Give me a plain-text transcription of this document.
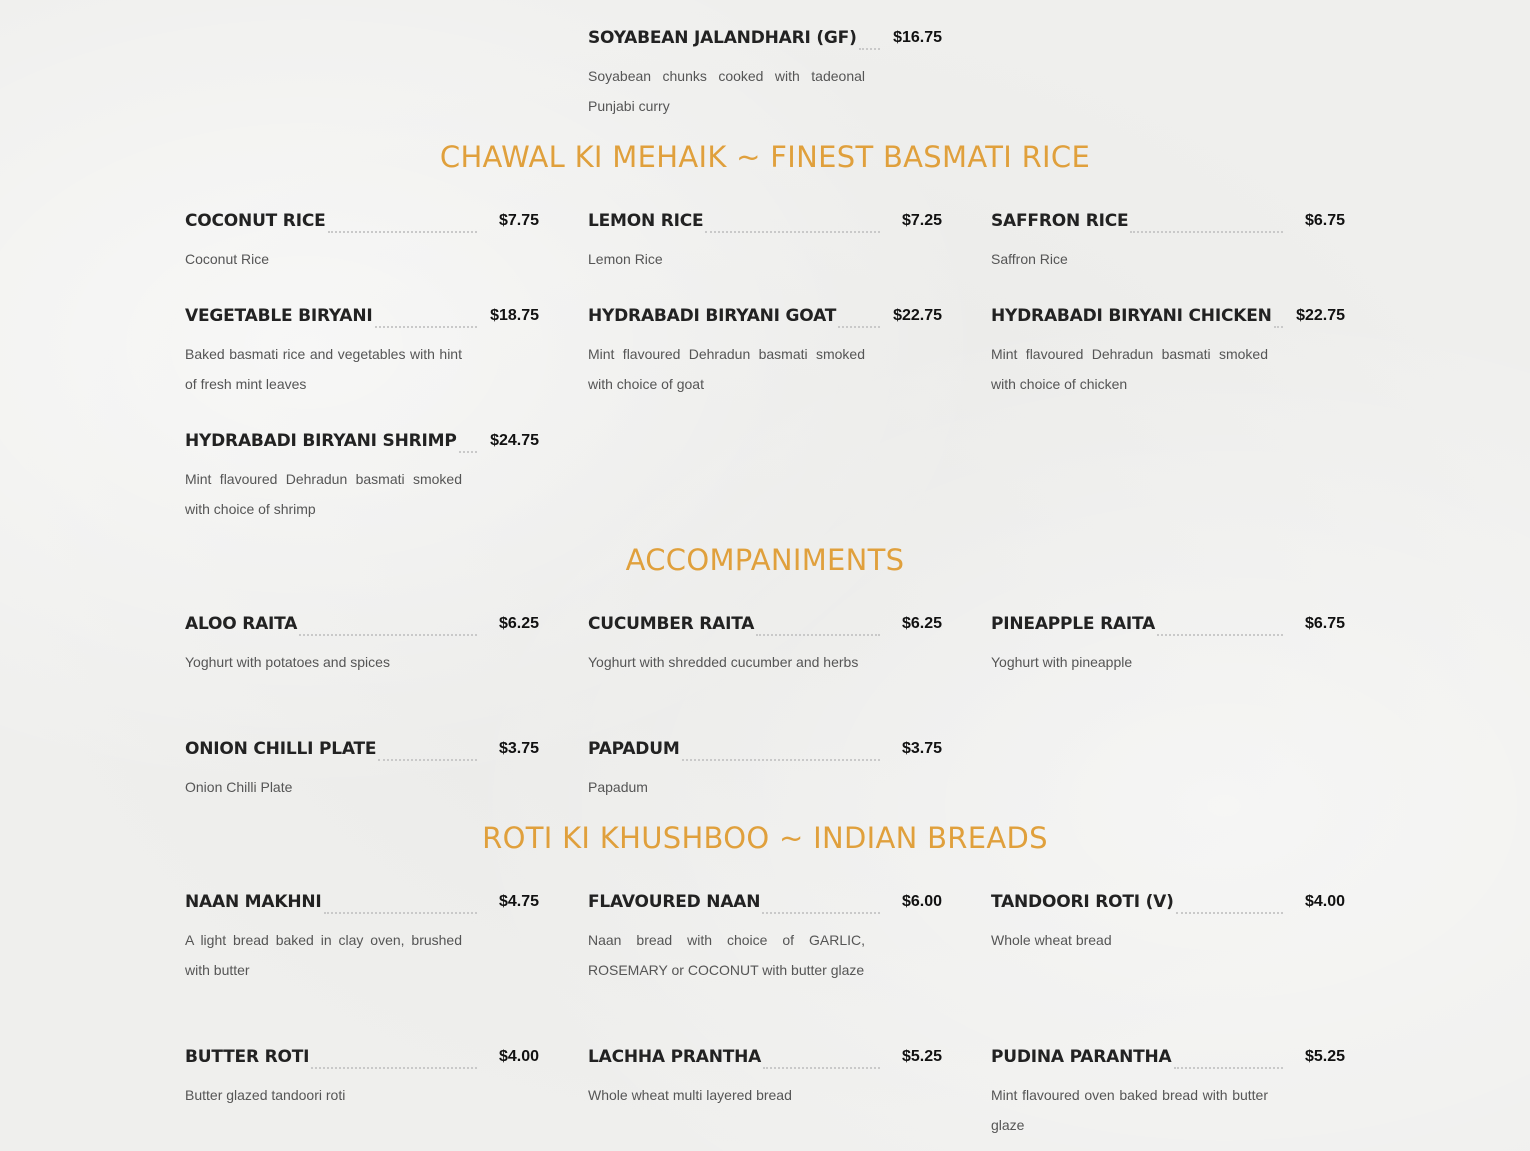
SOYABEAN JALANDHARI (GF) $16.75
Soyabean chunks cooked with tadeonal Punjabi curry
CHAWAL KI MEHAIK ~ FINEST BASMATI RICE
COCONUT RICE	$7.75
Coconut Rice
LEMON RICE	$7.25
Lemon Rice
SAFFRON RICE	$6.75
Saffron Rice
VEGETABLE BIRYANI	$18.75
Baked basmati rice and vegetables with hint of fresh mint leaves
HYDRABADI BIRYANI GOAT	$22.75
Mint flavoured Dehradun basmati smoked with choice of goat
HYDRABADI BIRYANI CHICKEN $22.75
Mint flavoured Dehradun basmati smoked with choice of chicken
HYDRABADI BIRYANI SHRIMP $24.75
Mint flavoured Dehradun basmati smoked with choice of shrimp
ACCOMPANIMENTS
ALOO RAITA	$6.25
Yoghurt with potatoes and spices
CUCUMBER RAITA	$6.25
Yoghurt with shredded cucumber and herbs
PINEAPPLE RAITA	$6.75
Yoghurt with pineapple
ONION CHILLI PLATE	$3.75
Onion Chilli Plate
PAPADUM	$3.75
Papadum
ROTI KI KHUSHBOO ~ INDIAN BREADS
NAAN MAKHNI	$4.75
A light bread baked in clay oven, brushed with butter
FLAVOURED NAAN	$6.00
Naan bread with choice of GARLIC, ROSEMARY or COCONUT with butter glaze
TANDOORI ROTI (V)	$4.00
Whole wheat bread
BUTTER ROTI	$4.00
Butter glazed tandoori roti
LACHHA PRANTHA	$5.25
Whole wheat multi layered bread
PUDINA PARANTHA	$5.25
Mint flavoured oven baked bread with butter glaze
